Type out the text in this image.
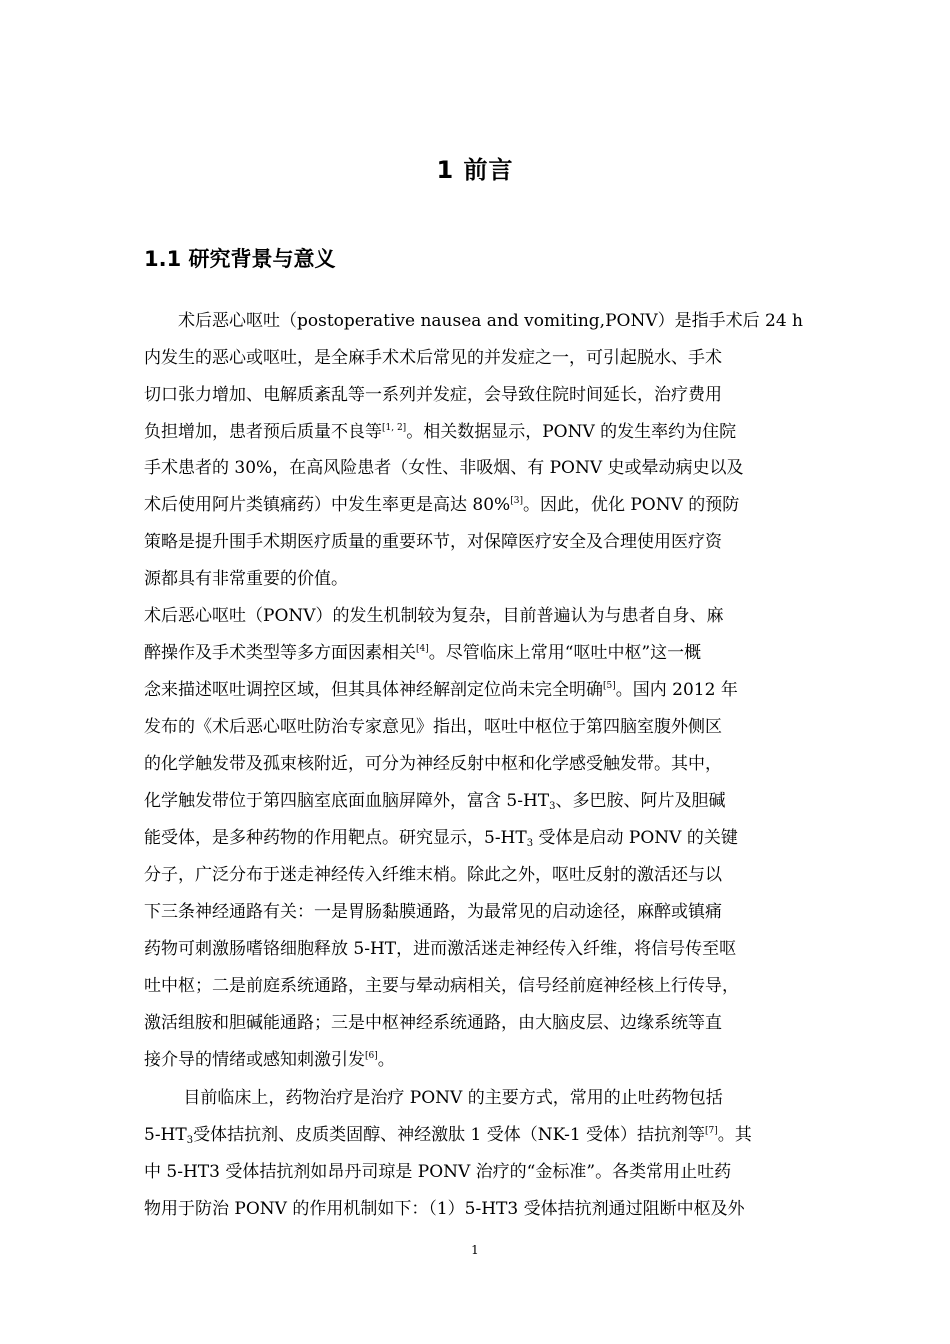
1 前言
1.1 研究背景与意义
　　术后恶心呕吐（postoperative nausea and vomiting,PONV）是指手术后 24 h
内发生的恶心或呕吐，是全麻手术术后常见的并发症之一，可引起脱水、手术
切口张力增加、电解质紊乱等一系列并发症，会导致住院时间延长，治疗费用
负担增加，患者预后质量不良等[1, 2]。相关数据显示，PONV 的发生率约为住院
手术患者的 30%，在高风险患者（女性、非吸烟、有 PONV 史或晕动病史以及
术后使用阿片类镇痛药）中发生率更是高达 80%[3]。因此，优化 PONV 的预防
策略是提升围手术期医疗质量的重要环节，对保障医疗安全及合理使用医疗资
源都具有非常重要的价值。
术后恶心呕吐（PONV）的发生机制较为复杂，目前普遍认为与患者自身、麻
醉操作及手术类型等多方面因素相关[4]。尽管临床上常用“呕吐中枢”这一概
念来描述呕吐调控区域，但其具体神经解剖定位尚未完全明确[5]。国内 2012 年
发布的《术后恶心呕吐防治专家意见》指出，呕吐中枢位于第四脑室腹外侧区
的化学触发带及孤束核附近，可分为神经反射中枢和化学感受触发带。其中，
化学触发带位于第四脑室底面血脑屏障外，富含 $5-HT_3$、多巴胺、阿片及胆碱
能受体，是多种药物的作用靶点。研究显示，$5-HT_3$ 受体是启动 PONV 的关键
分子，广泛分布于迷走神经传入纤维末梢。除此之外，呕吐反射的激活还与以
下三条神经通路有关：一是胃肠黏膜通路，为最常见的启动途径，麻醉或镇痛
药物可刺激肠嗜铬细胞释放 5-HT，进而激活迷走神经传入纤维，将信号传至呕
吐中枢；二是前庭系统通路，主要与晕动病相关，信号经前庭神经核上行传导，
激活组胺和胆碱能通路；三是中枢神经系统通路，由大脑皮层、边缘系统等直
接介导的情绪或感知刺激引发[6]。
　　 目前临床上，药物治疗是治疗 PONV 的主要方式，常用的止吐药物包括
$5-HT_3$受体拮抗剂、皮质类固醇、神经激肽 1 受体（NK-1 受体）拮抗剂等[7]。其
中 5-HT3 受体拮抗剂如昂丹司琼是 PONV 治疗的“金标准”。各类常用止吐药
物用于防治 PONV 的作用机制如下：（1）5-HT3 受体拮抗剂通过阻断中枢及外
1
